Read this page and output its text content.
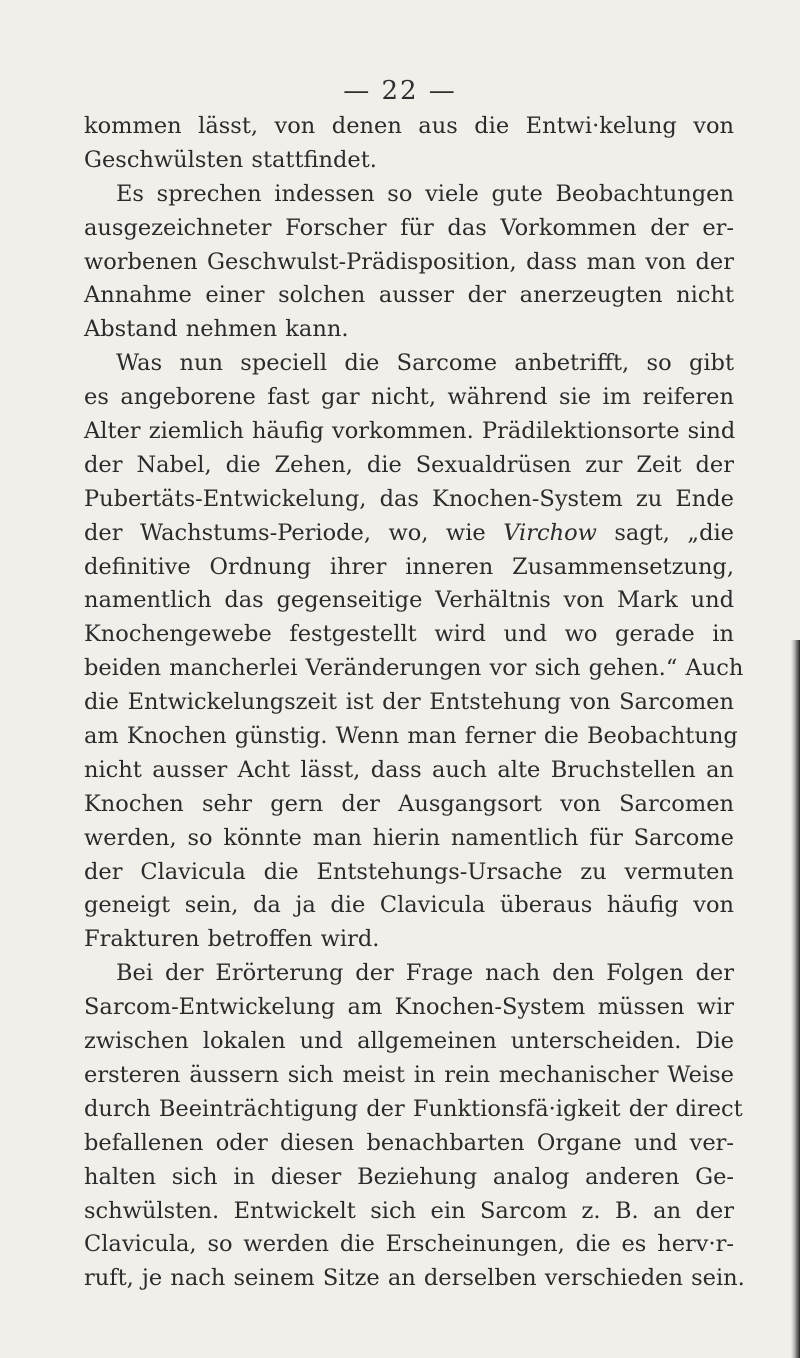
— 22 —
kommen lässt, von denen aus die Entwi·kelung von
Geschwülsten stattfindet.
Es sprechen indessen so viele gute Beobachtungen
ausgezeichneter Forscher für das Vorkommen der er-
worbenen Geschwulst-Prädisposition, dass man von der
Annahme einer solchen ausser der anerzeugten nicht
Abstand nehmen kann.
Was nun speciell die Sarcome anbetrifft, so gibt
es angeborene fast gar nicht, während sie im reiferen
Alter ziemlich häufig vorkommen. Prädilektionsorte sind
der Nabel, die Zehen, die Sexualdrüsen zur Zeit der
Pubertäts-Entwickelung, das Knochen-System zu Ende
der Wachstums-Periode, wo, wie Virchow sagt, „die
definitive Ordnung ihrer inneren Zusammensetzung,
namentlich das gegenseitige Verhältnis von Mark und
Knochengewebe festgestellt wird und wo gerade in
beiden mancherlei Veränderungen vor sich gehen.“ Auch
die Entwickelungszeit ist der Entstehung von Sarcomen
am Knochen günstig. Wenn man ferner die Beobachtung
nicht ausser Acht lässt, dass auch alte Bruchstellen an
Knochen sehr gern der Ausgangsort von Sarcomen
werden, so könnte man hierin namentlich für Sarcome
der Clavicula die Entstehungs-Ursache zu vermuten
geneigt sein, da ja die Clavicula überaus häufig von
Frakturen betroffen wird.
Bei der Erörterung der Frage nach den Folgen der
Sarcom-Entwickelung am Knochen-System müssen wir
zwischen lokalen und allgemeinen unterscheiden. Die
ersteren äussern sich meist in rein mechanischer Weise
durch Beeinträchtigung der Funktionsfä·igkeit der direct
befallenen oder diesen benachbarten Organe und ver-
halten sich in dieser Beziehung analog anderen Ge-
schwülsten. Entwickelt sich ein Sarcom z. B. an der
Clavicula, so werden die Erscheinungen, die es herv·r-
ruft, je nach seinem Sitze an derselben verschieden sein.
